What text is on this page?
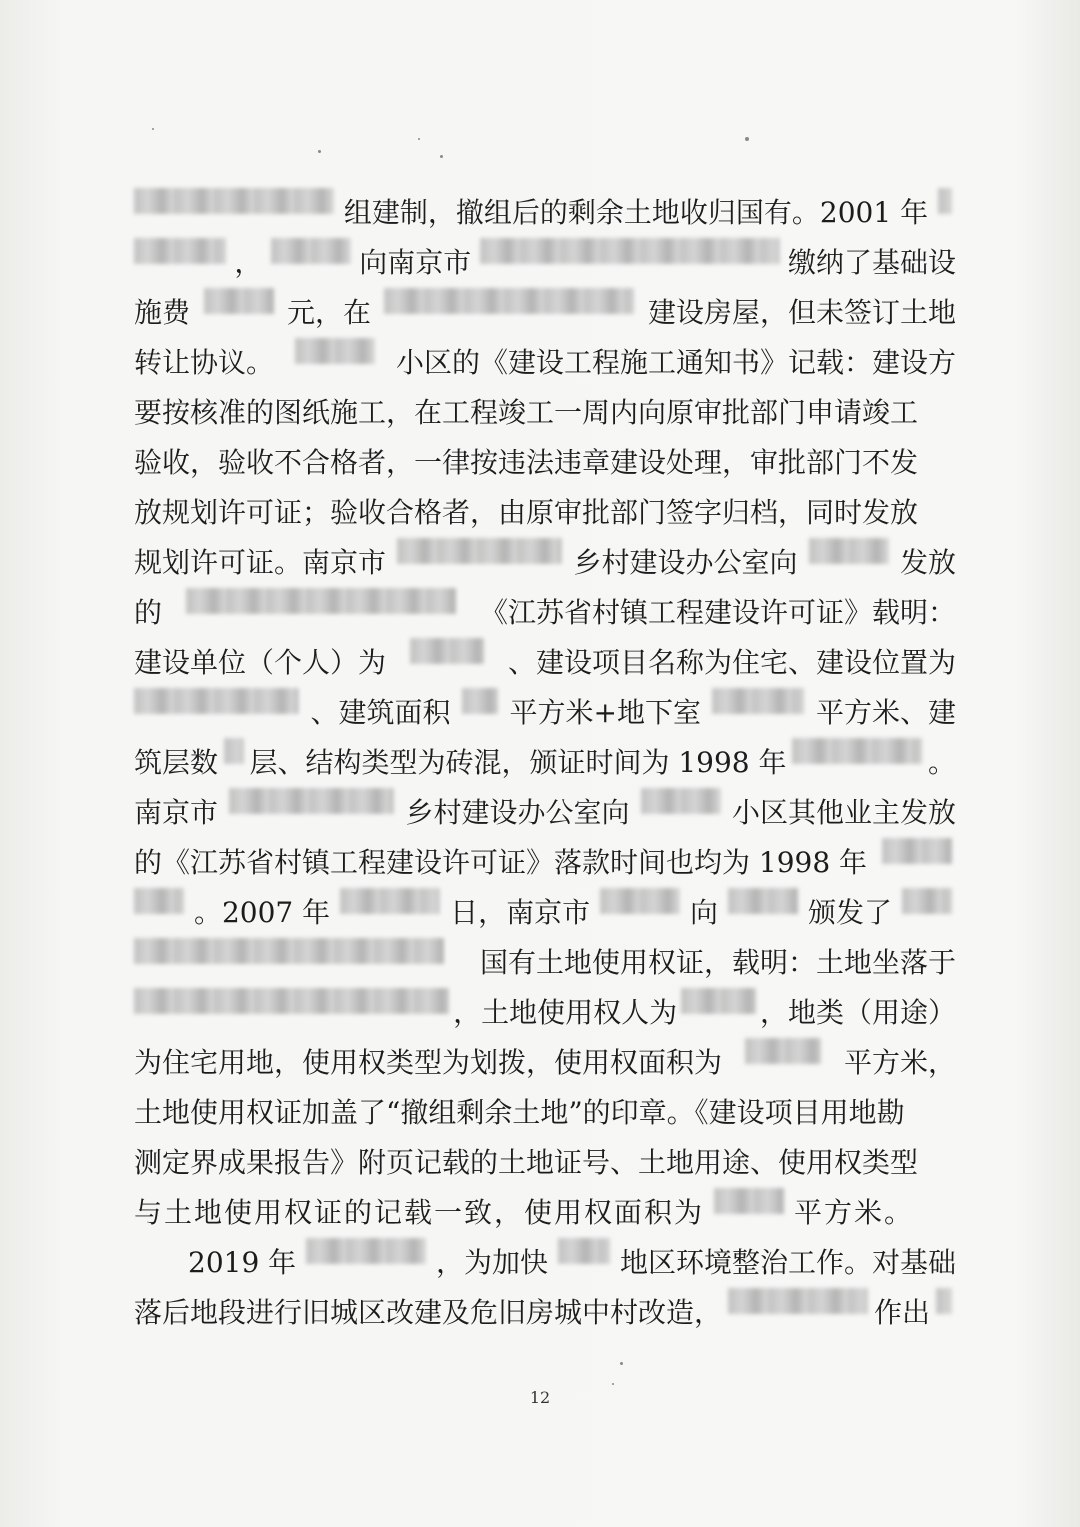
组建制，撤组后的剩余土地收归国有。2001 年
，	向南京市	缴纳了基础设
施费	元，在	建设房屋，但未签订土地
转让协议。	小区的《建设工程施工通知书》记载：建设方
要按核准的图纸施工，在工程竣工一周内向原审批部门申请竣工
验收，验收不合格者，一律按违法违章建设处理，审批部门不发
放规划许可证；验收合格者，由原审批部门签字归档，同时发放
规划许可证。南京市	乡村建设办公室向	发放
的	《江苏省村镇工程建设许可证》载明：
建设单位（个人）为	、建设项目名称为住宅、建设位置为
、建筑面积 平方米+地下室	平方米、建
筑层数 层、结构类型为砖混，颁证时间为 1998 年	。
南京市	乡村建设办公室向	小区其他业主发放
的《江苏省村镇工程建设许可证》落款时间也均为 1998 年
。2007 年	日，南京市	向	颁发了
国有土地使用权证，载明：土地坐落于
，土地使用权人为	，地类（用途）
为住宅用地，使用权类型为划拨，使用权面积为	平方米，
土地使用权证加盖了“撤组剩余土地”的印章。《建设项目用地勘
测定界成果报告》附页记载的土地证号、土地用途、使用权类型
与土地使用权证的记载一致，使用权面积为	平方米。
2019 年	，为加快	地区环境整治工作。对基础
落后地段进行旧城区改建及危旧房城中村改造，	作出
12
